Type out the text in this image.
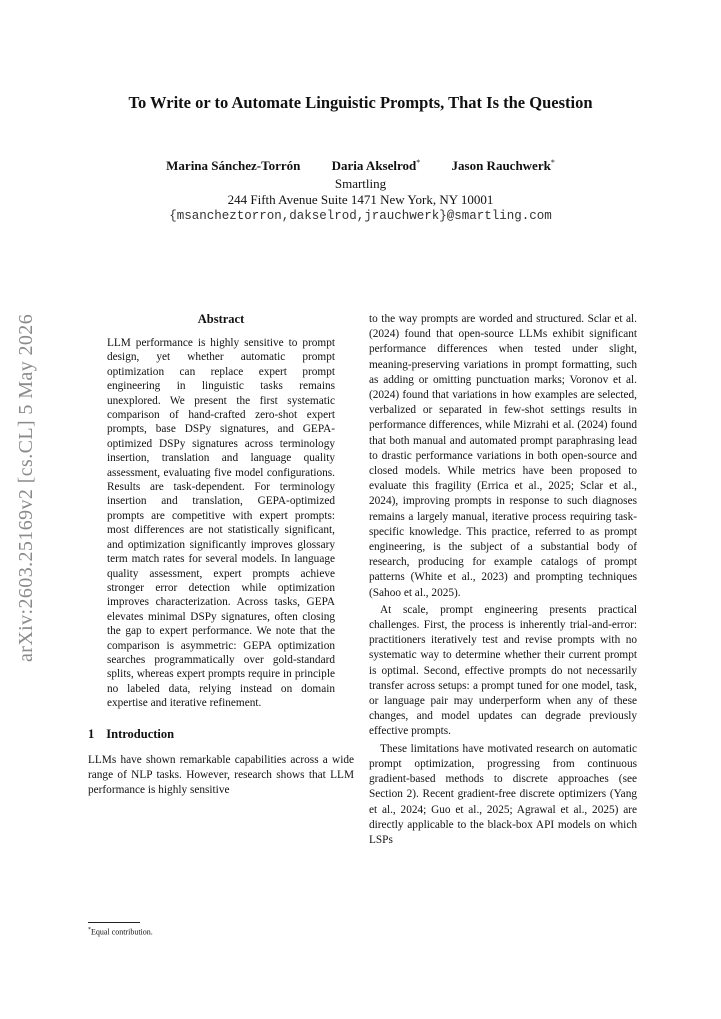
arXiv:2603.25169v2 [cs.CL] 5 May 2026
To Write or to Automate Linguistic Prompts, That Is the Question
Marina Sánchez-Torrón Daria Akselrod* Jason Rauchwerk*
Smartling
244 Fifth Avenue Suite 1471 New York, NY 10001
{msancheztorron,dakselrod,jrauchwerk}@smartling.com
Abstract
LLM performance is highly sensitive to prompt design, yet whether automatic prompt optimization can replace expert prompt engineering in linguistic tasks remains unexplored. We present the first systematic comparison of hand-crafted zero-shot expert prompts, base DSPy signatures, and GEPA-optimized DSPy signatures across terminology insertion, translation and language quality assessment, evaluating five model configurations. Results are task-dependent. For terminology insertion and translation, GEPA-optimized prompts are competitive with expert prompts: most differences are not statistically significant, and optimization significantly improves glossary term match rates for several models. In language quality assessment, expert prompts achieve stronger error detection while optimization improves characterization. Across tasks, GEPA elevates minimal DSPy signatures, often closing the gap to expert performance. We note that the comparison is asymmetric: GEPA optimization searches programmatically over gold-standard splits, whereas expert prompts require in principle no labeled data, relying instead on domain expertise and iterative refinement.
1 Introduction

LLMs have shown remarkable capabilities across a wide range of NLP tasks. However, research shows that LLM performance is highly sensitive

to the way prompts are worded and structured. Sclar et al. (2024) found that open-source LLMs exhibit significant performance differences when tested under slight, meaning-preserving variations in prompt formatting, such as adding or omitting punctuation marks; Voronov et al. (2024) found that variations in how examples are selected, verbalized or separated in few-shot settings results in performance differences, while Mizrahi et al. (2024) found that both manual and automated prompt paraphrasing lead to drastic performance variations in both open-source and closed models. While metrics have been proposed to evaluate this fragility (Errica et al., 2025; Sclar et al., 2024), improving prompts in response to such diagnoses remains a largely manual, iterative process requiring task-specific knowledge. This practice, referred to as prompt engineering, is the subject of a substantial body of research, producing for example catalogs of prompt patterns (White et al., 2023) and prompting techniques (Sahoo et al., 2025).

At scale, prompt engineering presents practical challenges. First, the process is inherently trial-and-error: practitioners iteratively test and revise prompts with no systematic way to determine whether their current prompt is optimal. Second, effective prompts do not necessarily transfer across setups: a prompt tuned for one model, task, or language pair may underperform when any of these changes, and model updates can degrade previously effective prompts.

These limitations have motivated research on automatic prompt optimization, progressing from continuous gradient-based methods to discrete approaches (see Section 2). Recent gradient-free discrete optimizers (Yang et al., 2024; Guo et al., 2025; Agrawal et al., 2025) are directly applicable to the black-box API models on which LSPs

*Equal contribution.
